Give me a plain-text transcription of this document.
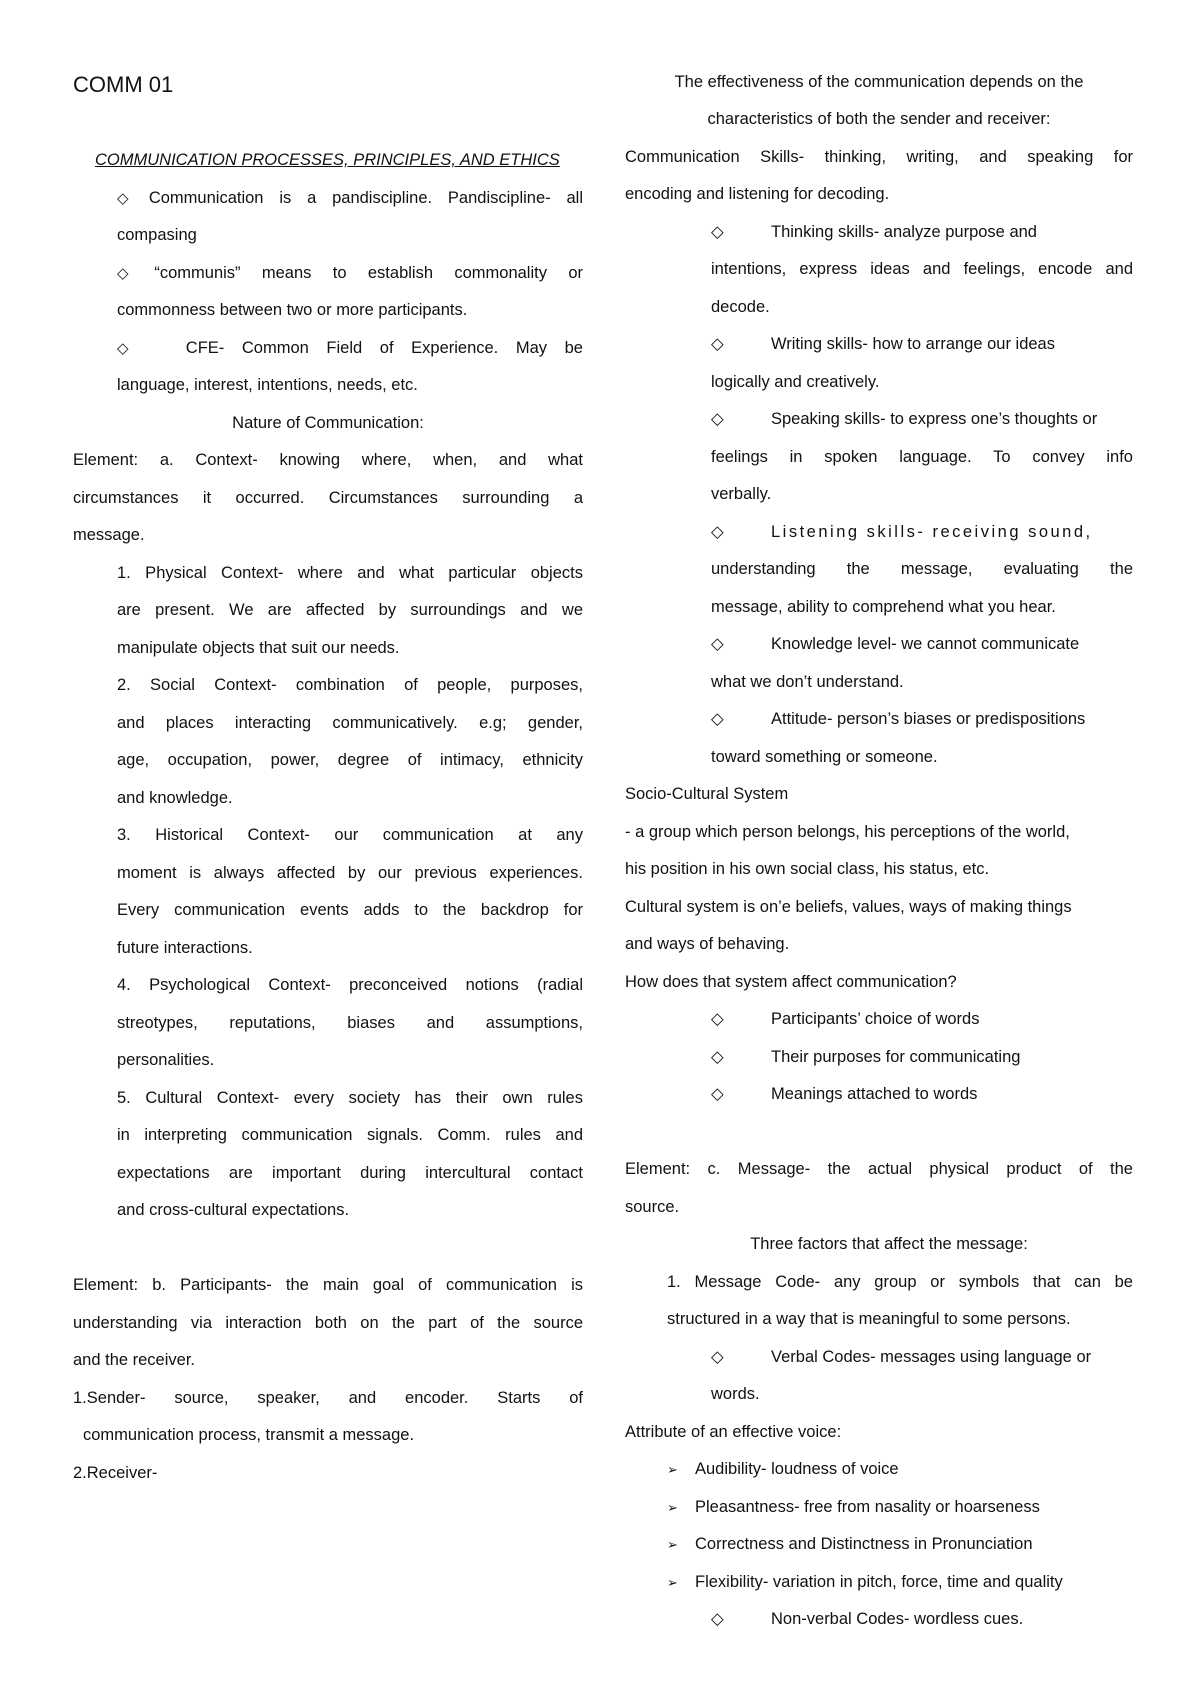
COMM 01
COMMUNICATION PROCESSES, PRINCIPLES, AND ETHICS
◇ Communication is a pandiscipline. Pandiscipline- all
compasing
◇ “communis” means to establish commonality or
commonness between two or more participants.
◇	CFE- Common Field of Experience. May be
language, interest, intentions, needs, etc.
Nature of Communication:
Element: a. Context- knowing where, when, and what
circumstances it occurred. Circumstances surrounding a
message.
1. Physical Context- where and what particular objects
are present. We are affected by surroundings and we
manipulate objects that suit our needs.
2. Social Context- combination of people, purposes,
and places interacting communicatively. e.g; gender,
age, occupation, power, degree of intimacy, ethnicity
and knowledge.
3. Historical Context- our communication at any
moment is always affected by our previous experiences.
Every communication events adds to the backdrop for
future interactions.
4. Psychological Context- preconceived notions (radial
streotypes, reputations, biases and assumptions,
personalities.
5. Cultural Context- every society has their own rules
in interpreting communication signals. Comm. rules and
expectations are important during intercultural contact
and cross-cultural expectations.
Element: b. Participants- the main goal of communication is
understanding via interaction both on the part of the source
and the receiver.
1.Sender- source, speaker, and encoder. Starts of
communication process, transmit a message.
2.Receiver-
The effectiveness of the communication depends on the
characteristics of both the sender and receiver:
Communication Skills- thinking, writing, and speaking for
encoding and listening for decoding.
◇	Thinking skills- analyze purpose and
intentions, express ideas and feelings, encode and
decode.
◇	Writing skills- how to arrange our ideas
logically and creatively.
◇	Speaking skills- to express one’s thoughts or
feelings in spoken language. To convey info
verbally.
◇	Listening skills- receiving sound,
understanding the message, evaluating the
message, ability to comprehend what you hear.
◇	Knowledge level- we cannot communicate
what we don’t understand.
◇	Attitude- person’s biases or predispositions
toward something or someone.
Socio-Cultural System
- a group which person belongs, his perceptions of the world,
his position in his own social class, his status, etc.
Cultural system is on’e beliefs, values, ways of making things
and ways of behaving.
How does that system affect communication?
◇	Participants’ choice of words
◇	Their purposes for communicating
◇	Meanings attached to words
Element: c. Message- the actual physical product of the
source.
Three factors that affect the message:
1. Message Code- any group or symbols that can be
structured in a way that is meaningful to some persons.
◇	Verbal Codes- messages using language or
words.
Attribute of an effective voice:
➢ Audibility- loudness of voice
➢ Pleasantness- free from nasality or hoarseness
➢ Correctness and Distinctness in Pronunciation
➢ Flexibility- variation in pitch, force, time and quality
◇	Non-verbal Codes- wordless cues.
